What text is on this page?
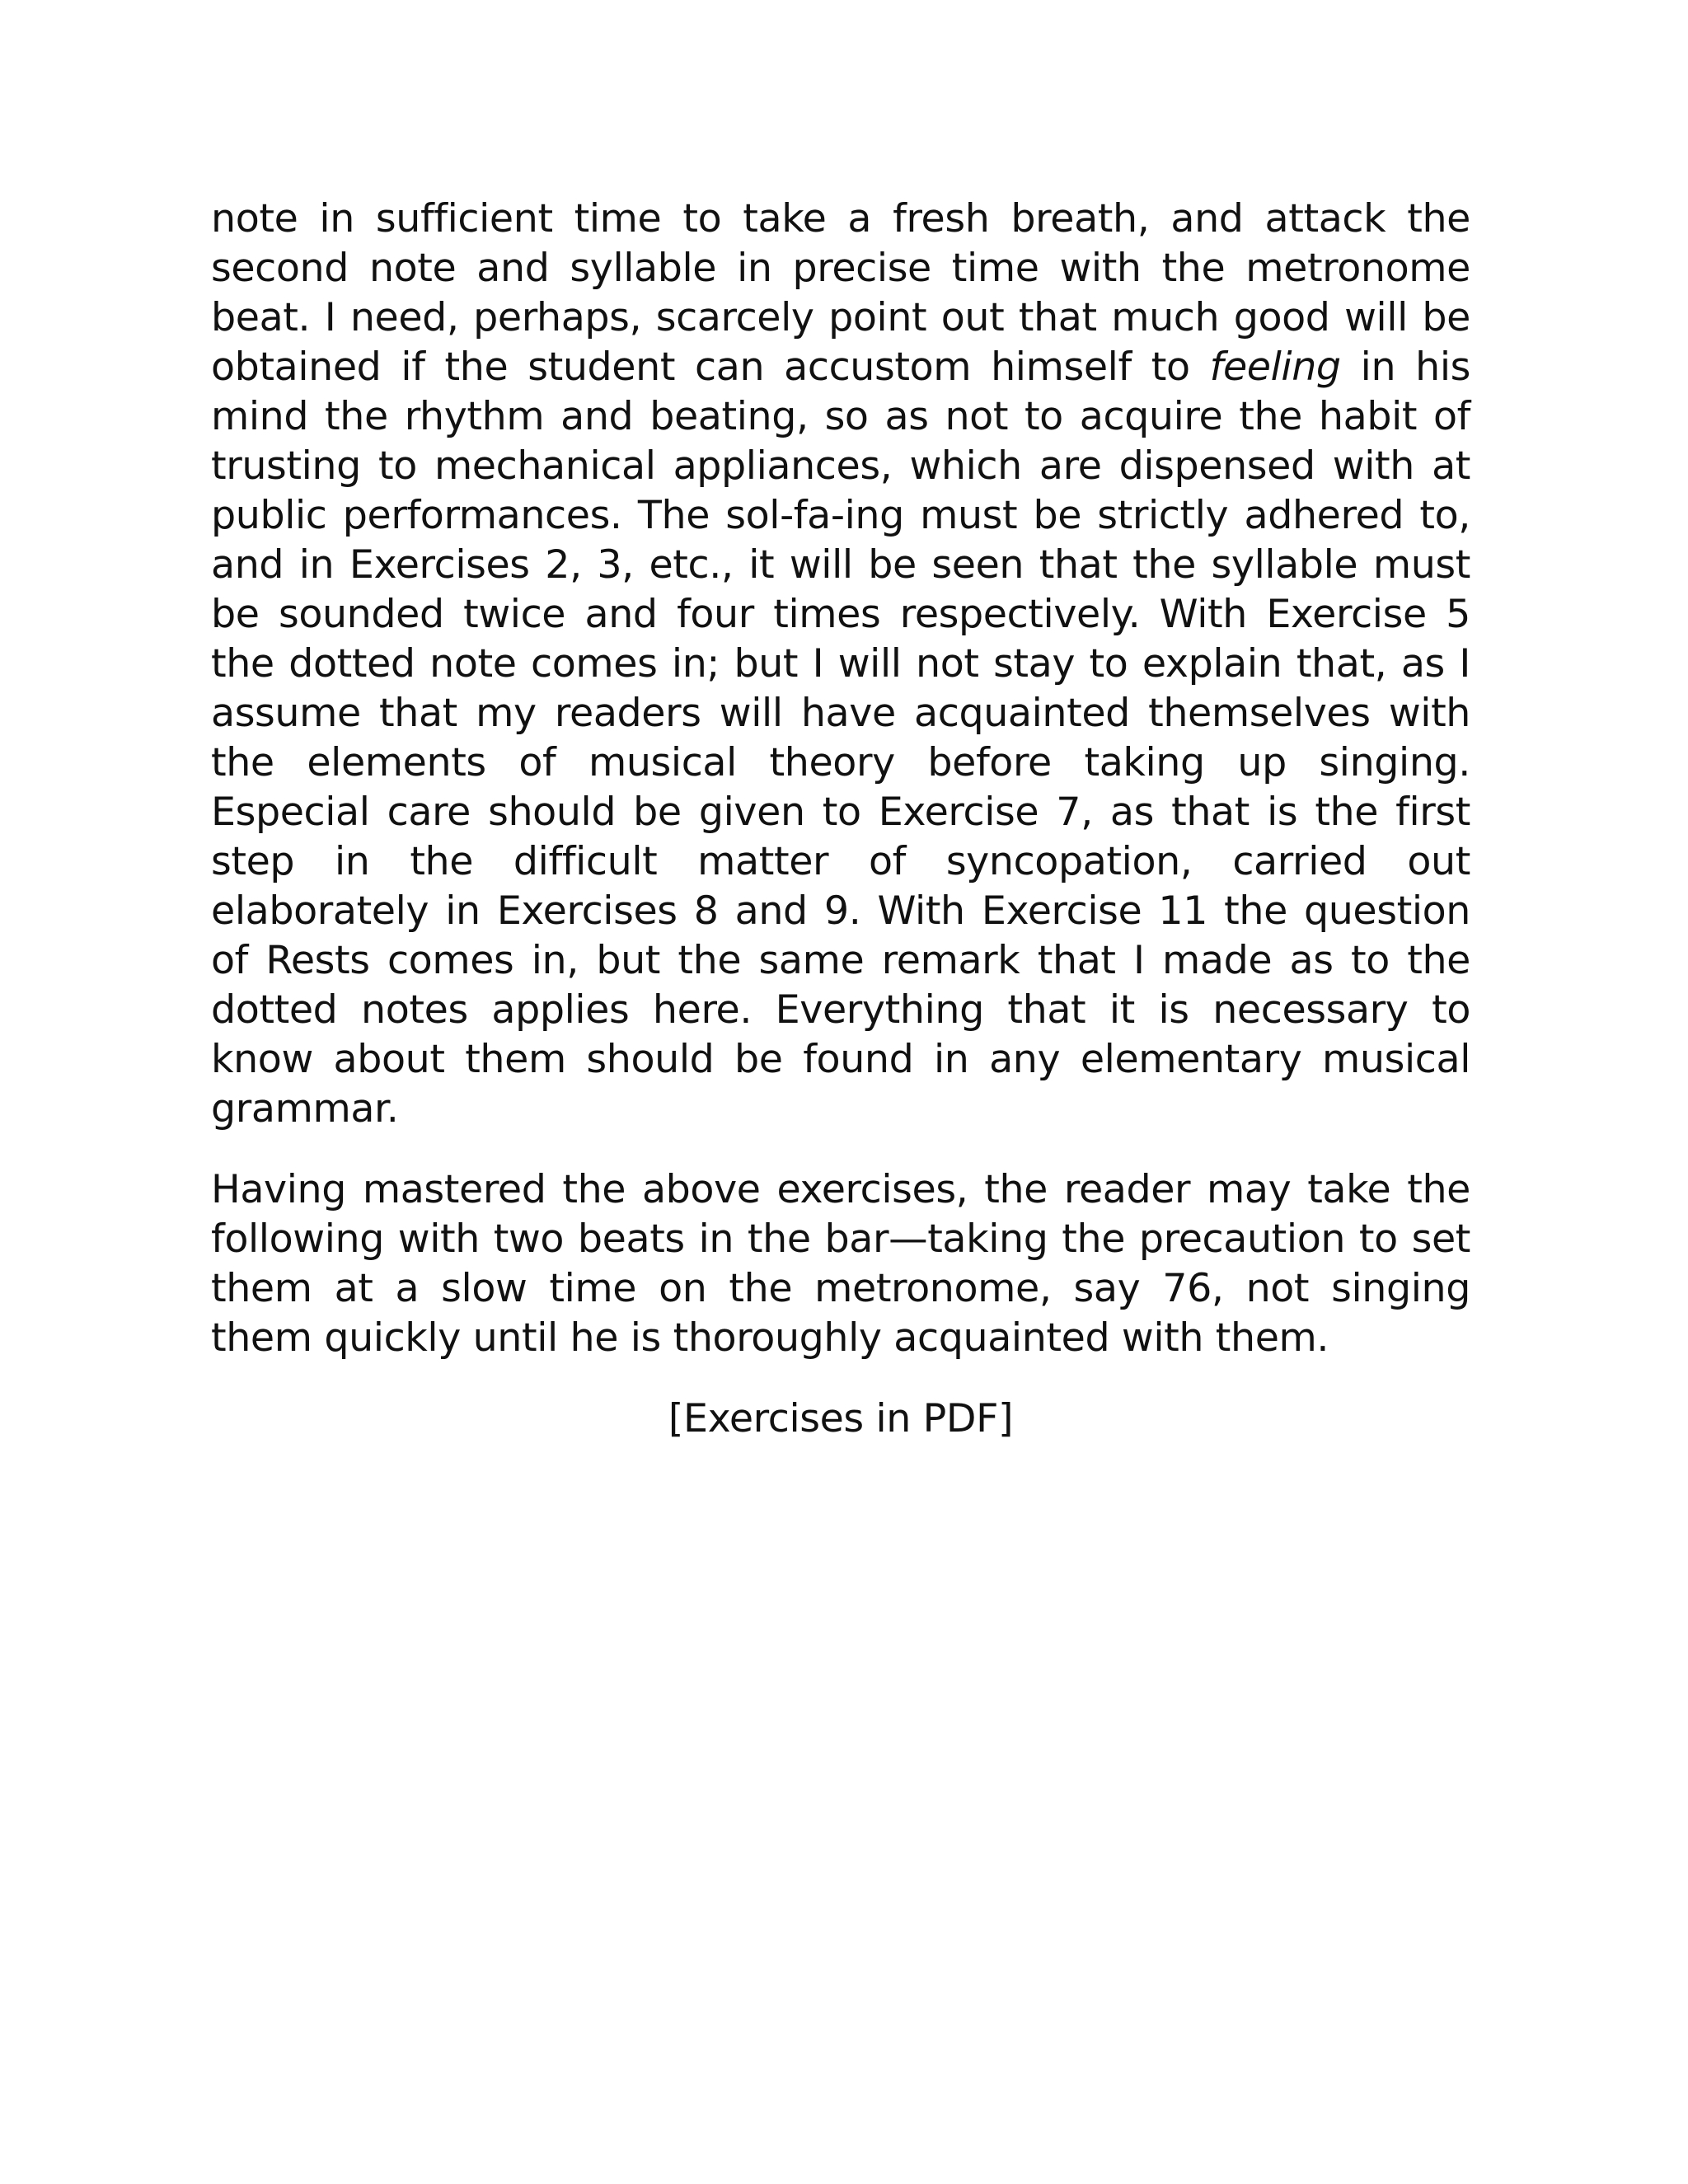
note in sufficient time to take a fresh breath, and attack the second note and syllable in precise time with the metronome beat. I need, perhaps, scarcely point out that much good will be obtained if the student can accustom himself to feeling in his mind the rhythm and beating, so as not to acquire the habit of trusting to mechanical appliances, which are dispensed with at public performances. The sol-fa-ing must be strictly adhered to, and in Exercises 2, 3, etc., it will be seen that the syllable must be sounded twice and four times respectively. With Exercise 5 the dotted note comes in; but I will not stay to explain that, as I assume that my readers will have acquainted themselves with the elements of musical theory before taking up singing. Especial care should be given to Exercise 7, as that is the first step in the difficult matter of syncopation, carried out elaborately in Exercises 8 and 9. With Exercise 11 the question of Rests comes in, but the same remark that I made as to the dotted notes applies here. Everything that it is necessary to know about them should be found in any elementary musical grammar.

Having mastered the above exercises, the reader may take the following with two beats in the bar—taking the precaution to set them at a slow time on the metronome, say 76, not singing them quickly until he is thoroughly acquainted with them.

[Exercises in PDF]
